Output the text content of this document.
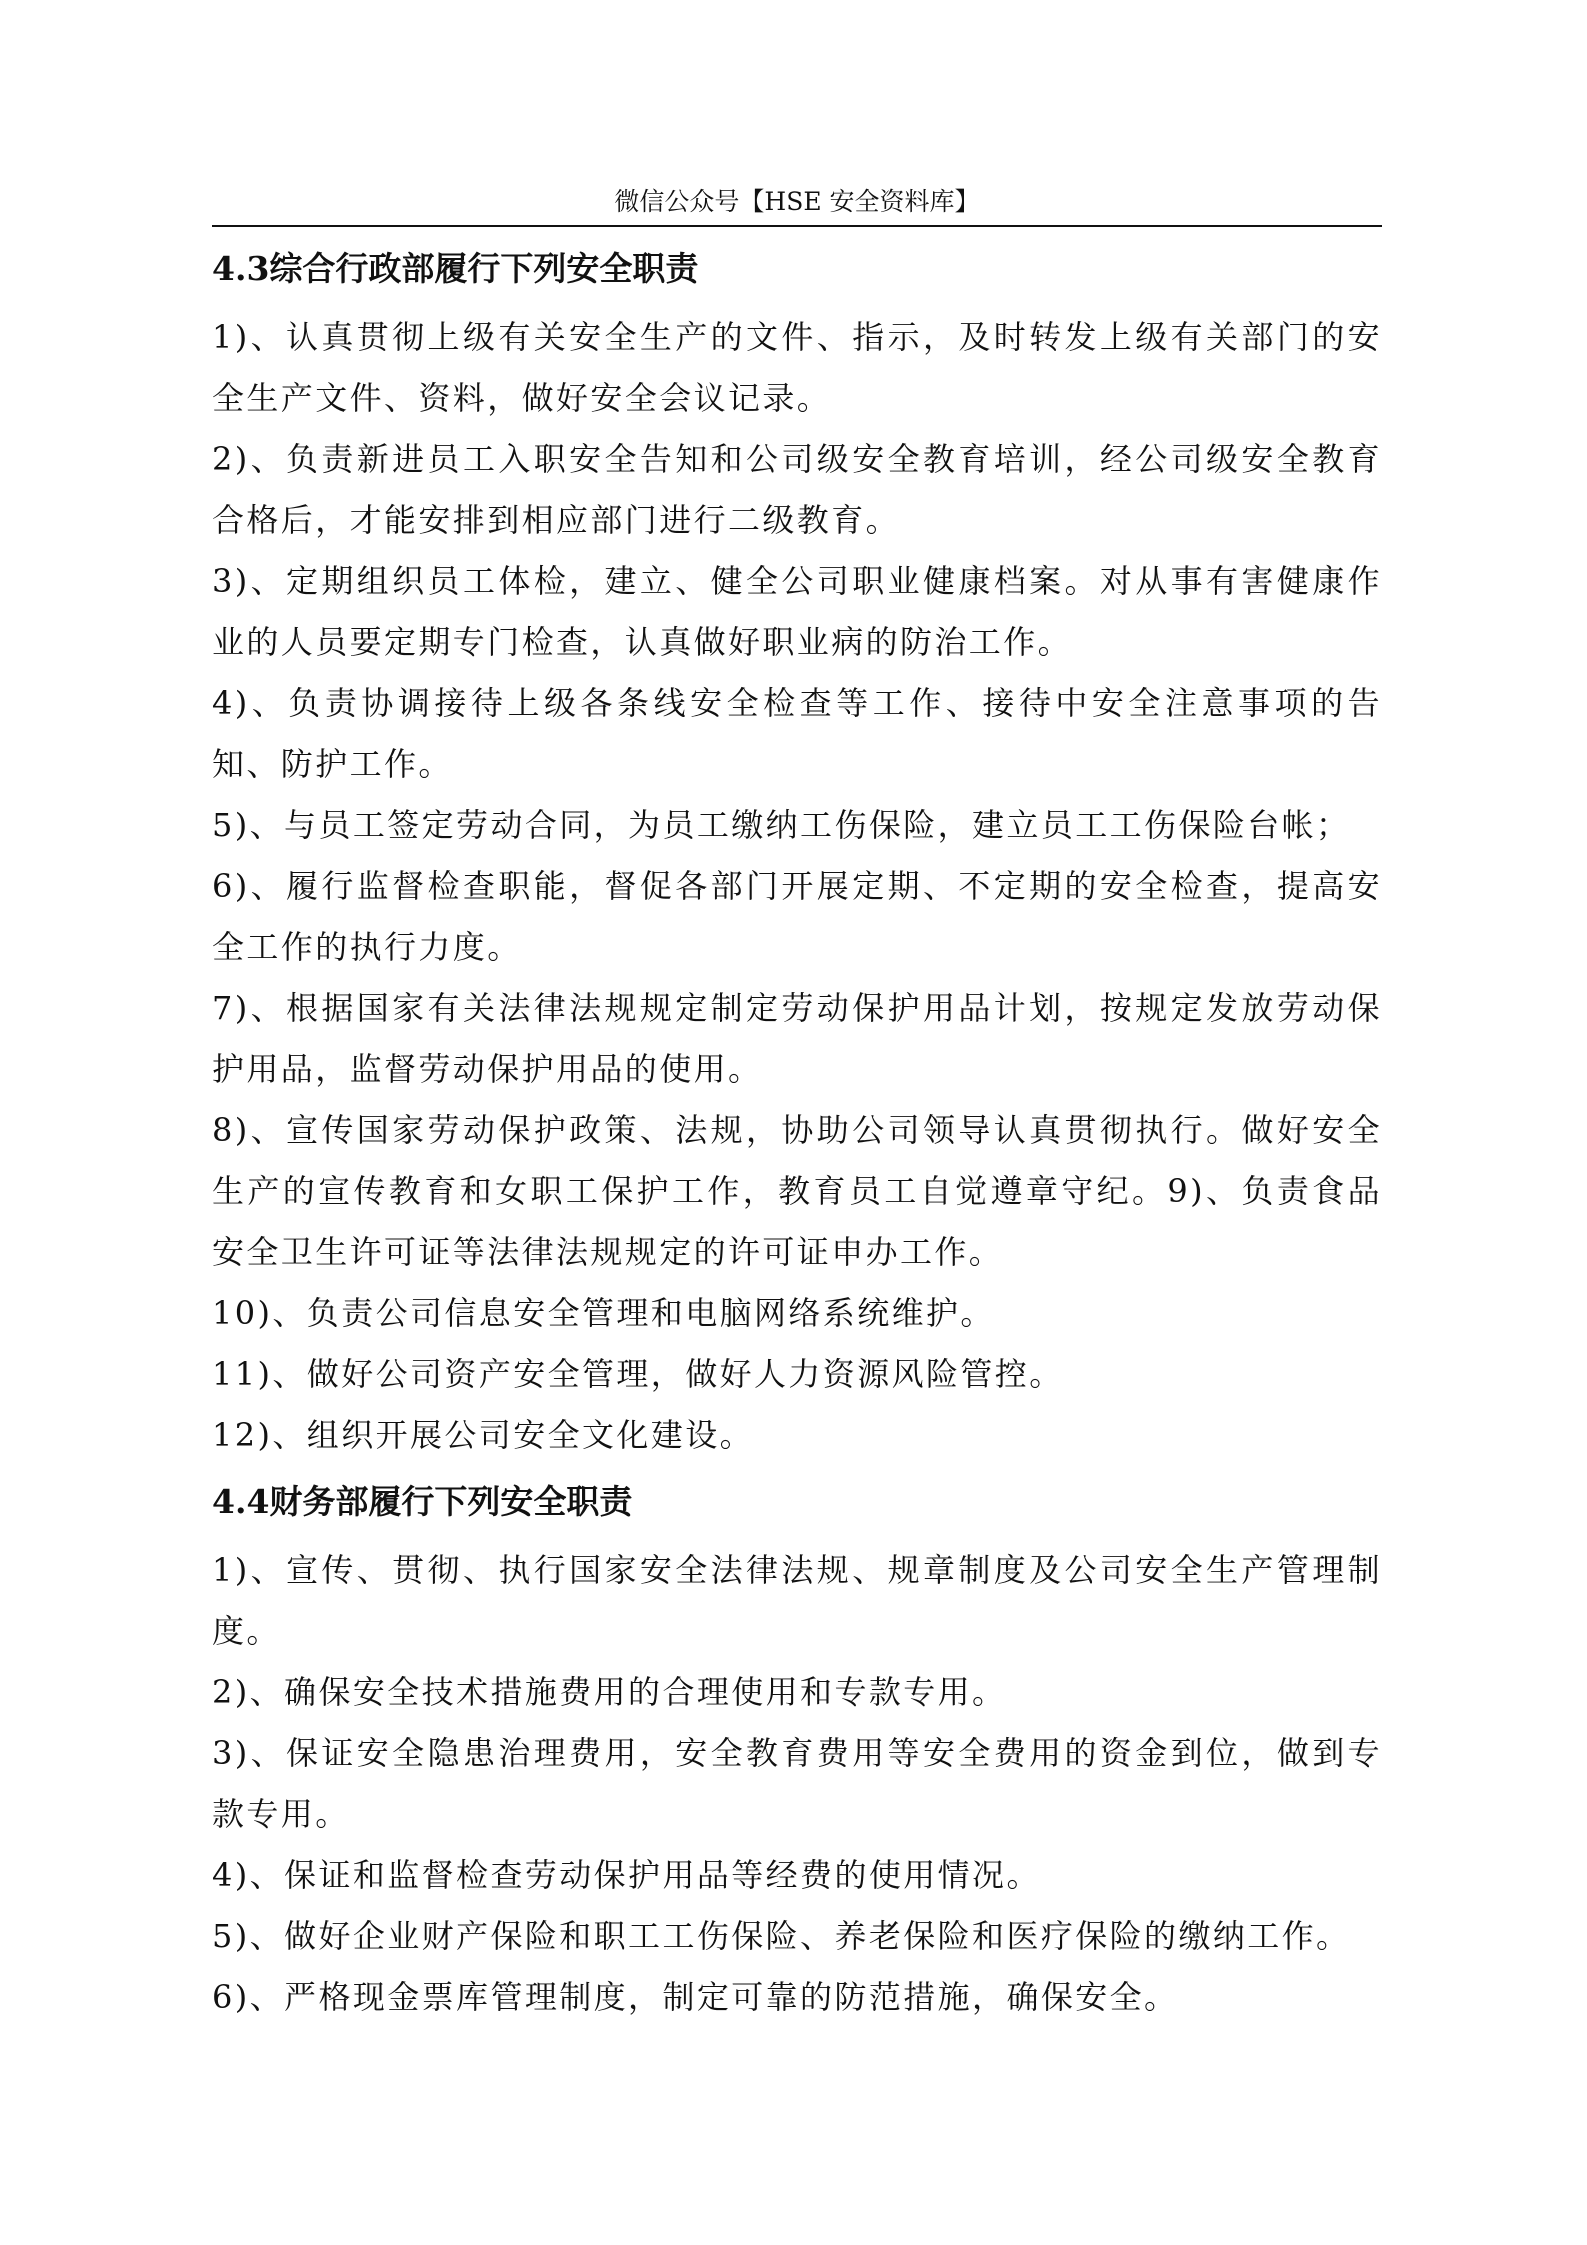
微信公众号【HSE 安全资料库】
4.3综合行政部履行下列安全职责

1)、认真贯彻上级有关安全生产的文件、指示，及时转发上级有关部门的安全生产文件、资料，做好安全会议记录。

2)、负责新进员工入职安全告知和公司级安全教育培训，经公司级安全教育合格后，才能安排到相应部门进行二级教育。

3)、定期组织员工体检，建立、健全公司职业健康档案。对从事有害健康作业的人员要定期专门检查，认真做好职业病的防治工作。

4)、负责协调接待上级各条线安全检查等工作、接待中安全注意事项的告知、防护工作。

5)、与员工签定劳动合同，为员工缴纳工伤保险，建立员工工伤保险台帐；

6)、履行监督检查职能，督促各部门开展定期、不定期的安全检查，提高安全工作的执行力度。

7)、根据国家有关法律法规规定制定劳动保护用品计划，按规定发放劳动保护用品，监督劳动保护用品的使用。

8)、宣传国家劳动保护政策、法规，协助公司领导认真贯彻执行。做好安全生产的宣传教育和女职工保护工作，教育员工自觉遵章守纪。9)、负责食品安全卫生许可证等法律法规规定的许可证申办工作。

10)、负责公司信息安全管理和电脑网络系统维护。

11)、做好公司资产安全管理，做好人力资源风险管控。

12)、组织开展公司安全文化建设。

4.4财务部履行下列安全职责

1)、宣传、贯彻、执行国家安全法律法规、规章制度及公司安全生产管理制度。

2)、确保安全技术措施费用的合理使用和专款专用。

3)、保证安全隐患治理费用，安全教育费用等安全费用的资金到位，做到专款专用。

4)、保证和监督检查劳动保护用品等经费的使用情况。

5)、做好企业财产保险和职工工伤保险、养老保险和医疗保险的缴纳工作。

6)、严格现金票库管理制度，制定可靠的防范措施，确保安全。
